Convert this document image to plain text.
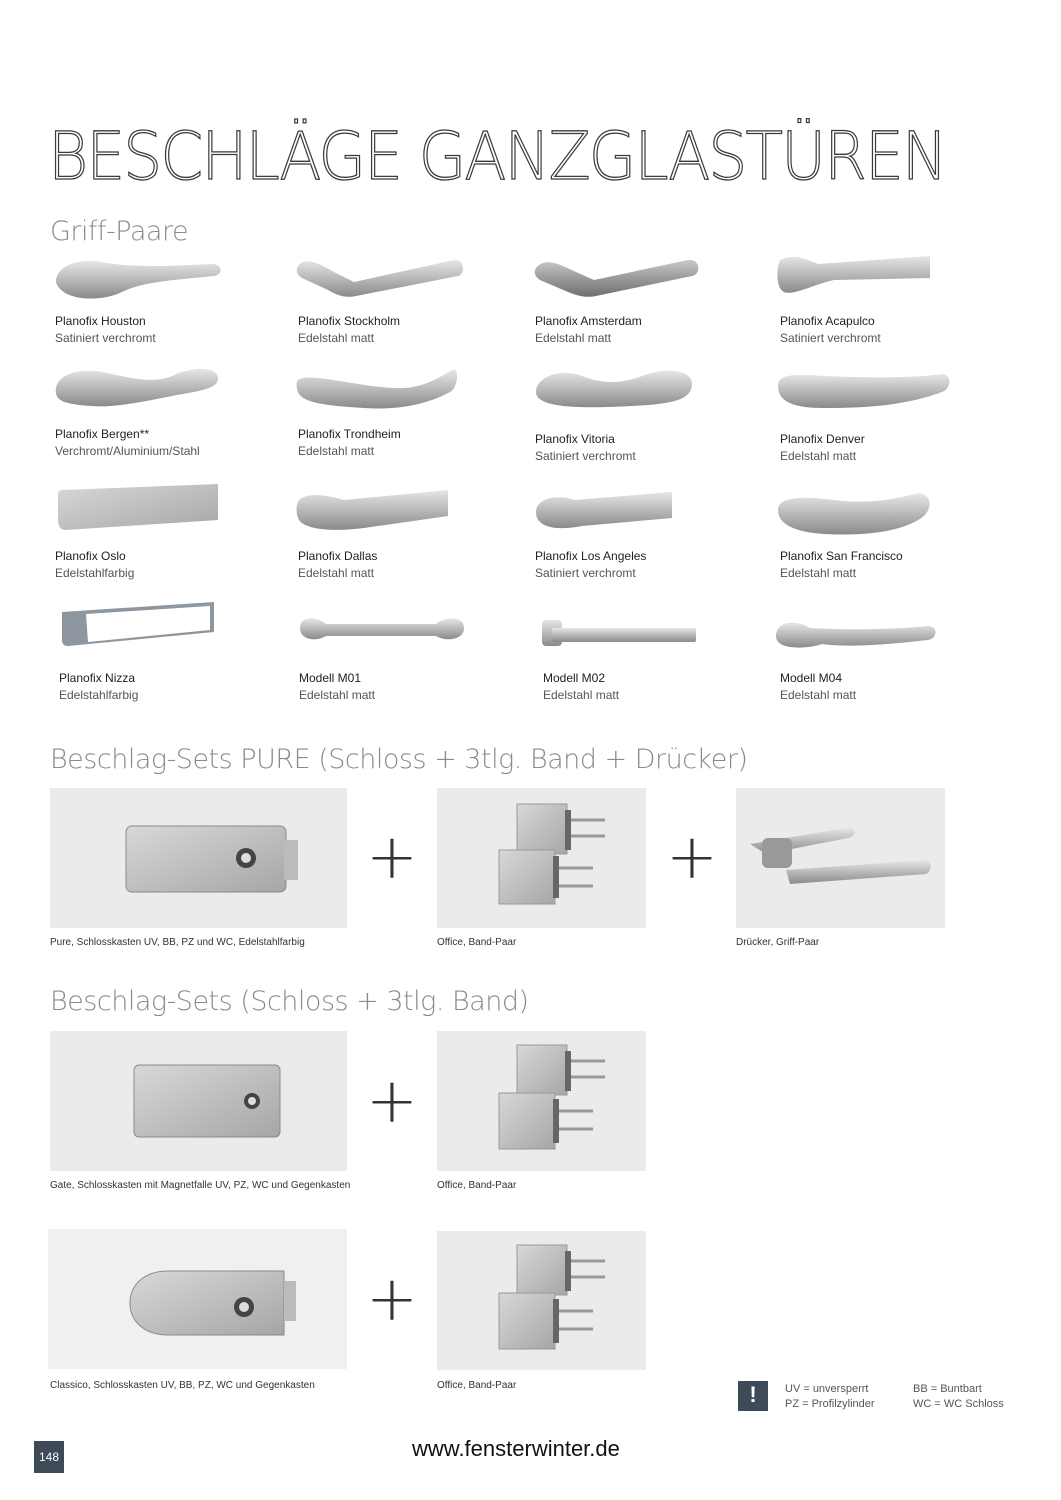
BESCHLÄGE GANZGLASTÜREN
Griff-Paare
Planofix Houston
Satiniert verchromt
Planofix Stockholm
Edelstahl matt
Planofix Amsterdam
Edelstahl matt
Planofix Acapulco
Satiniert verchromt
Planofix Bergen**
Verchromt/Aluminium/Stahl
Planofix Trondheim
Edelstahl matt
Planofix Vitoria
Satiniert verchromt
Planofix Denver
Edelstahl matt
Planofix Oslo
Edelstahlfarbig
Planofix Dallas
Edelstahl matt
Planofix Los Angeles
Satiniert verchromt
Planofix San Francisco
Edelstahl matt
Planofix Nizza
Edelstahlfarbig
Modell M01
Edelstahl matt
Modell M02
Edelstahl matt
Modell M04
Edelstahl matt
Beschlag-Sets PURE (Schloss + 3tlg. Band + Drücker)
+	+
Pure, Schlosskasten UV, BB, PZ und WC, Edelstahlfarbig	Office, Band-Paar	Drücker, Griff-Paar
Beschlag-Sets (Schloss + 3tlg. Band)
+
Gate, Schlosskasten mit Magnetfalle UV, PZ, WC und Gegenkasten	Office, Band-Paar
+
Classico, Schlosskasten UV, BB, PZ, WC und Gegenkasten	Office, Band-Paar	!	UV = unversperrt
PZ = Profilzylinder
BB = Buntbart
WC = WC Schloss
148	www.fensterwinter.de
